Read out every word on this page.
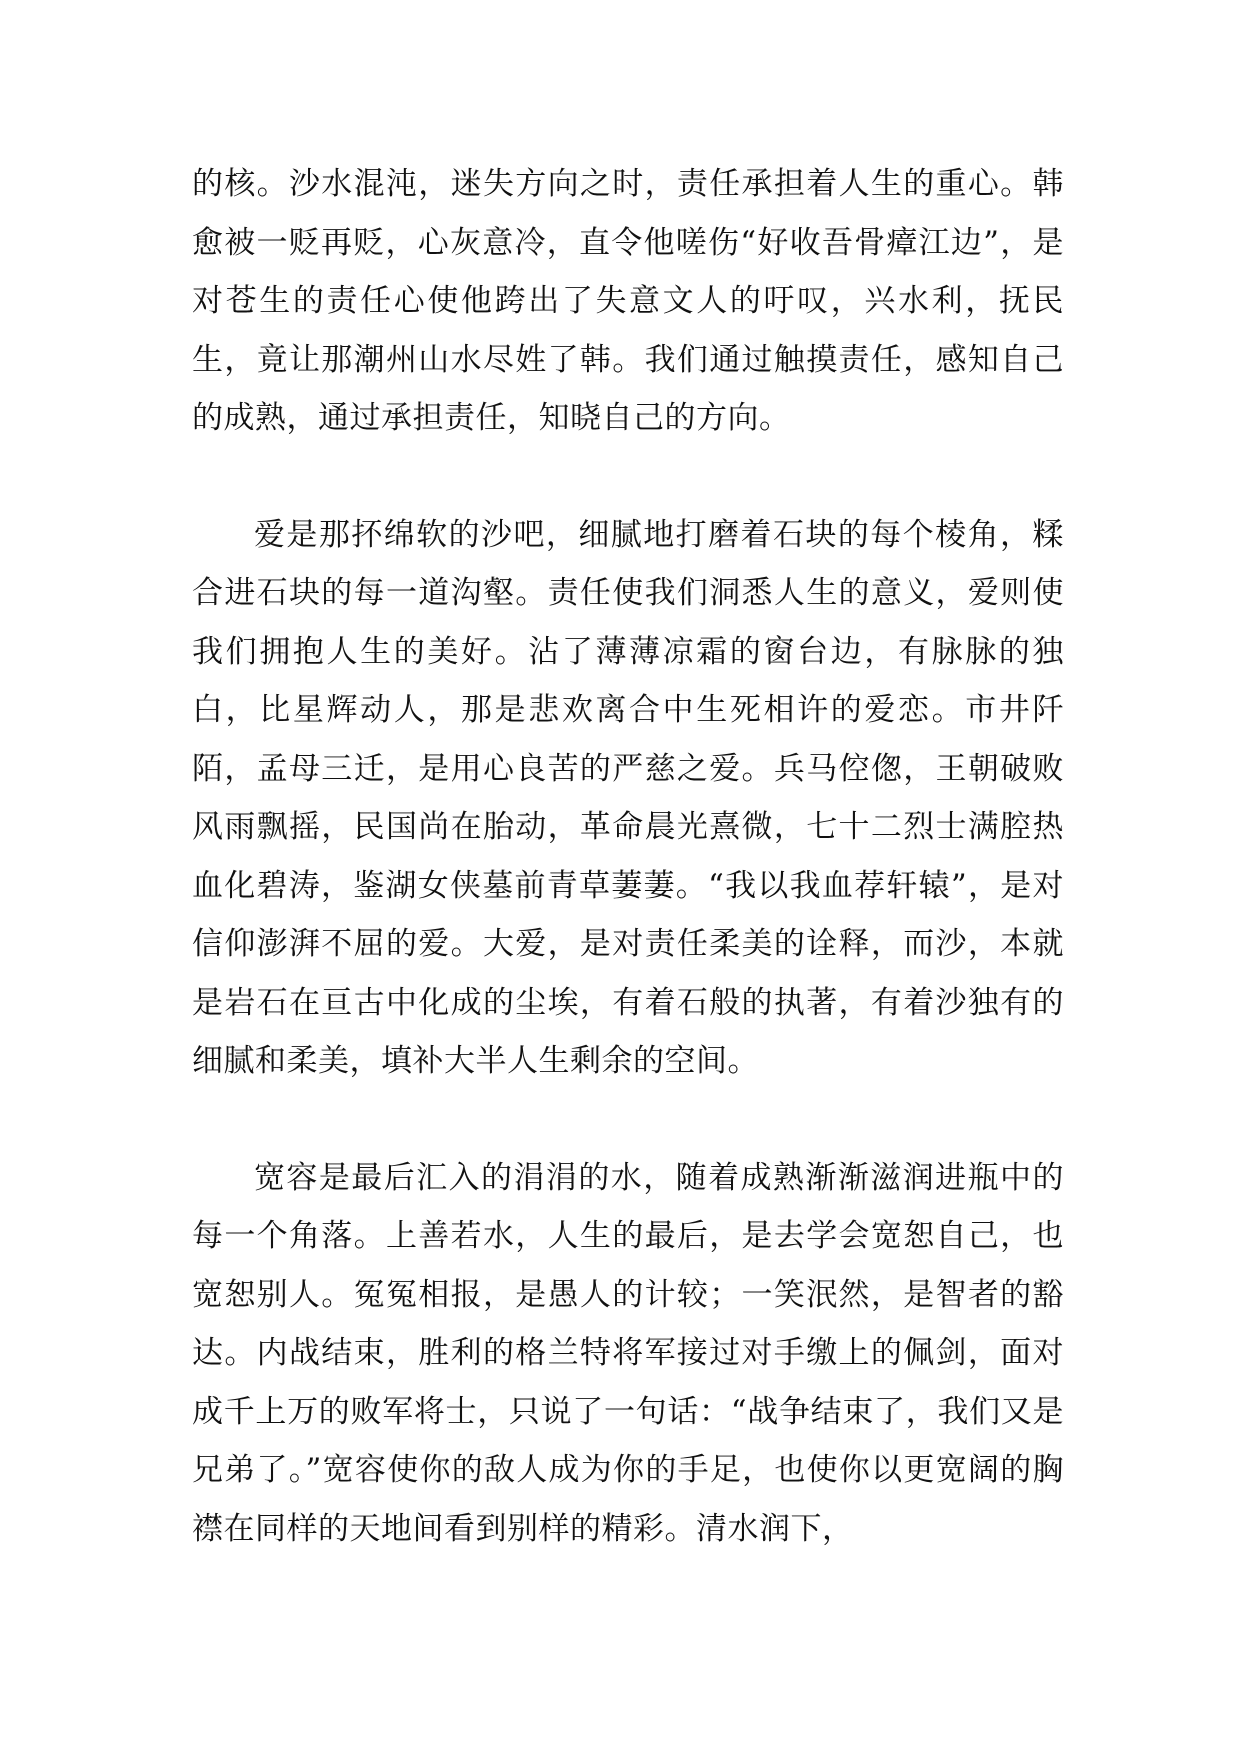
的核。沙水混沌，迷失方向之时，责任承担着人生的重心。韩愈被一贬再贬，心灰意冷，直令他嗟伤“好收吾骨瘴江边”，是对苍生的责任心使他跨出了失意文人的吁叹，兴水利，抚民生，竟让那潮州山水尽姓了韩。我们通过触摸责任，感知自己的成熟，通过承担责任，知晓自己的方向。

爱是那抔绵软的沙吧，细腻地打磨着石块的每个棱角，糅合进石块的每一道沟壑。责任使我们洞悉人生的意义，爱则使我们拥抱人生的美好。沾了薄薄凉霜的窗台边，有脉脉的独白，比星辉动人，那是悲欢离合中生死相许的爱恋。市井阡陌，孟母三迁，是用心良苦的严慈之爱。兵马倥偬，王朝破败风雨飘摇，民国尚在胎动，革命晨光熹微，七十二烈士满腔热血化碧涛，鉴湖女侠墓前青草萋萋。“我以我血荐轩辕”，是对信仰澎湃不屈的爱。大爱，是对责任柔美的诠释，而沙，本就是岩石在亘古中化成的尘埃，有着石般的执著，有着沙独有的细腻和柔美，填补大半人生剩余的空间。

宽容是最后汇入的涓涓的水，随着成熟渐渐滋润进瓶中的每一个角落。上善若水，人生的最后，是去学会宽恕自己，也宽恕别人。冤冤相报，是愚人的计较；一笑泯然，是智者的豁达。内战结束，胜利的格兰特将军接过对手缴上的佩剑，面对成千上万的败军将士，只说了一句话：“战争结束了，我们又是兄弟了。”宽容使你的敌人成为你的手足，也使你以更宽阔的胸襟在同样的天地间看到别样的精彩。清水润下，
